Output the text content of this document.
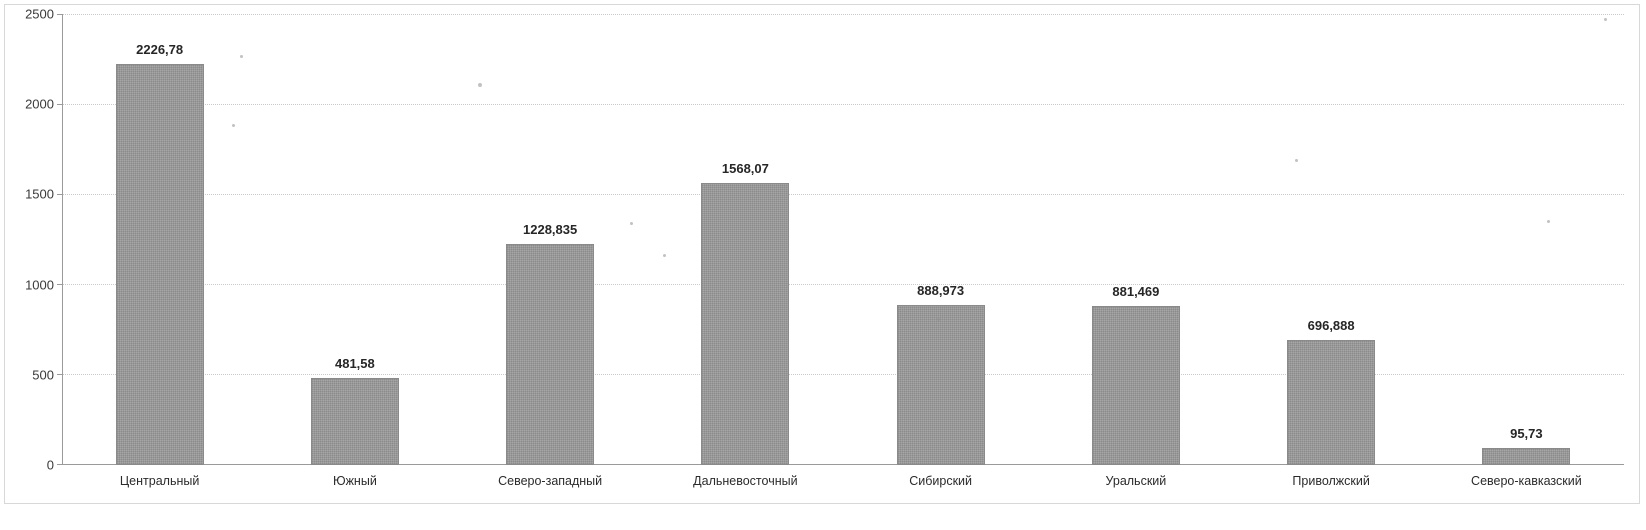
2500
2000
1500
1000
500
0
2226,78
481,58
1228,835
1568,07
888,973	881,469
696,888
95,73
Центральный	Южный	Северо-западный	Дальневосточный	Сибирский	Уральский	Приволжский	Северо-кавказский
